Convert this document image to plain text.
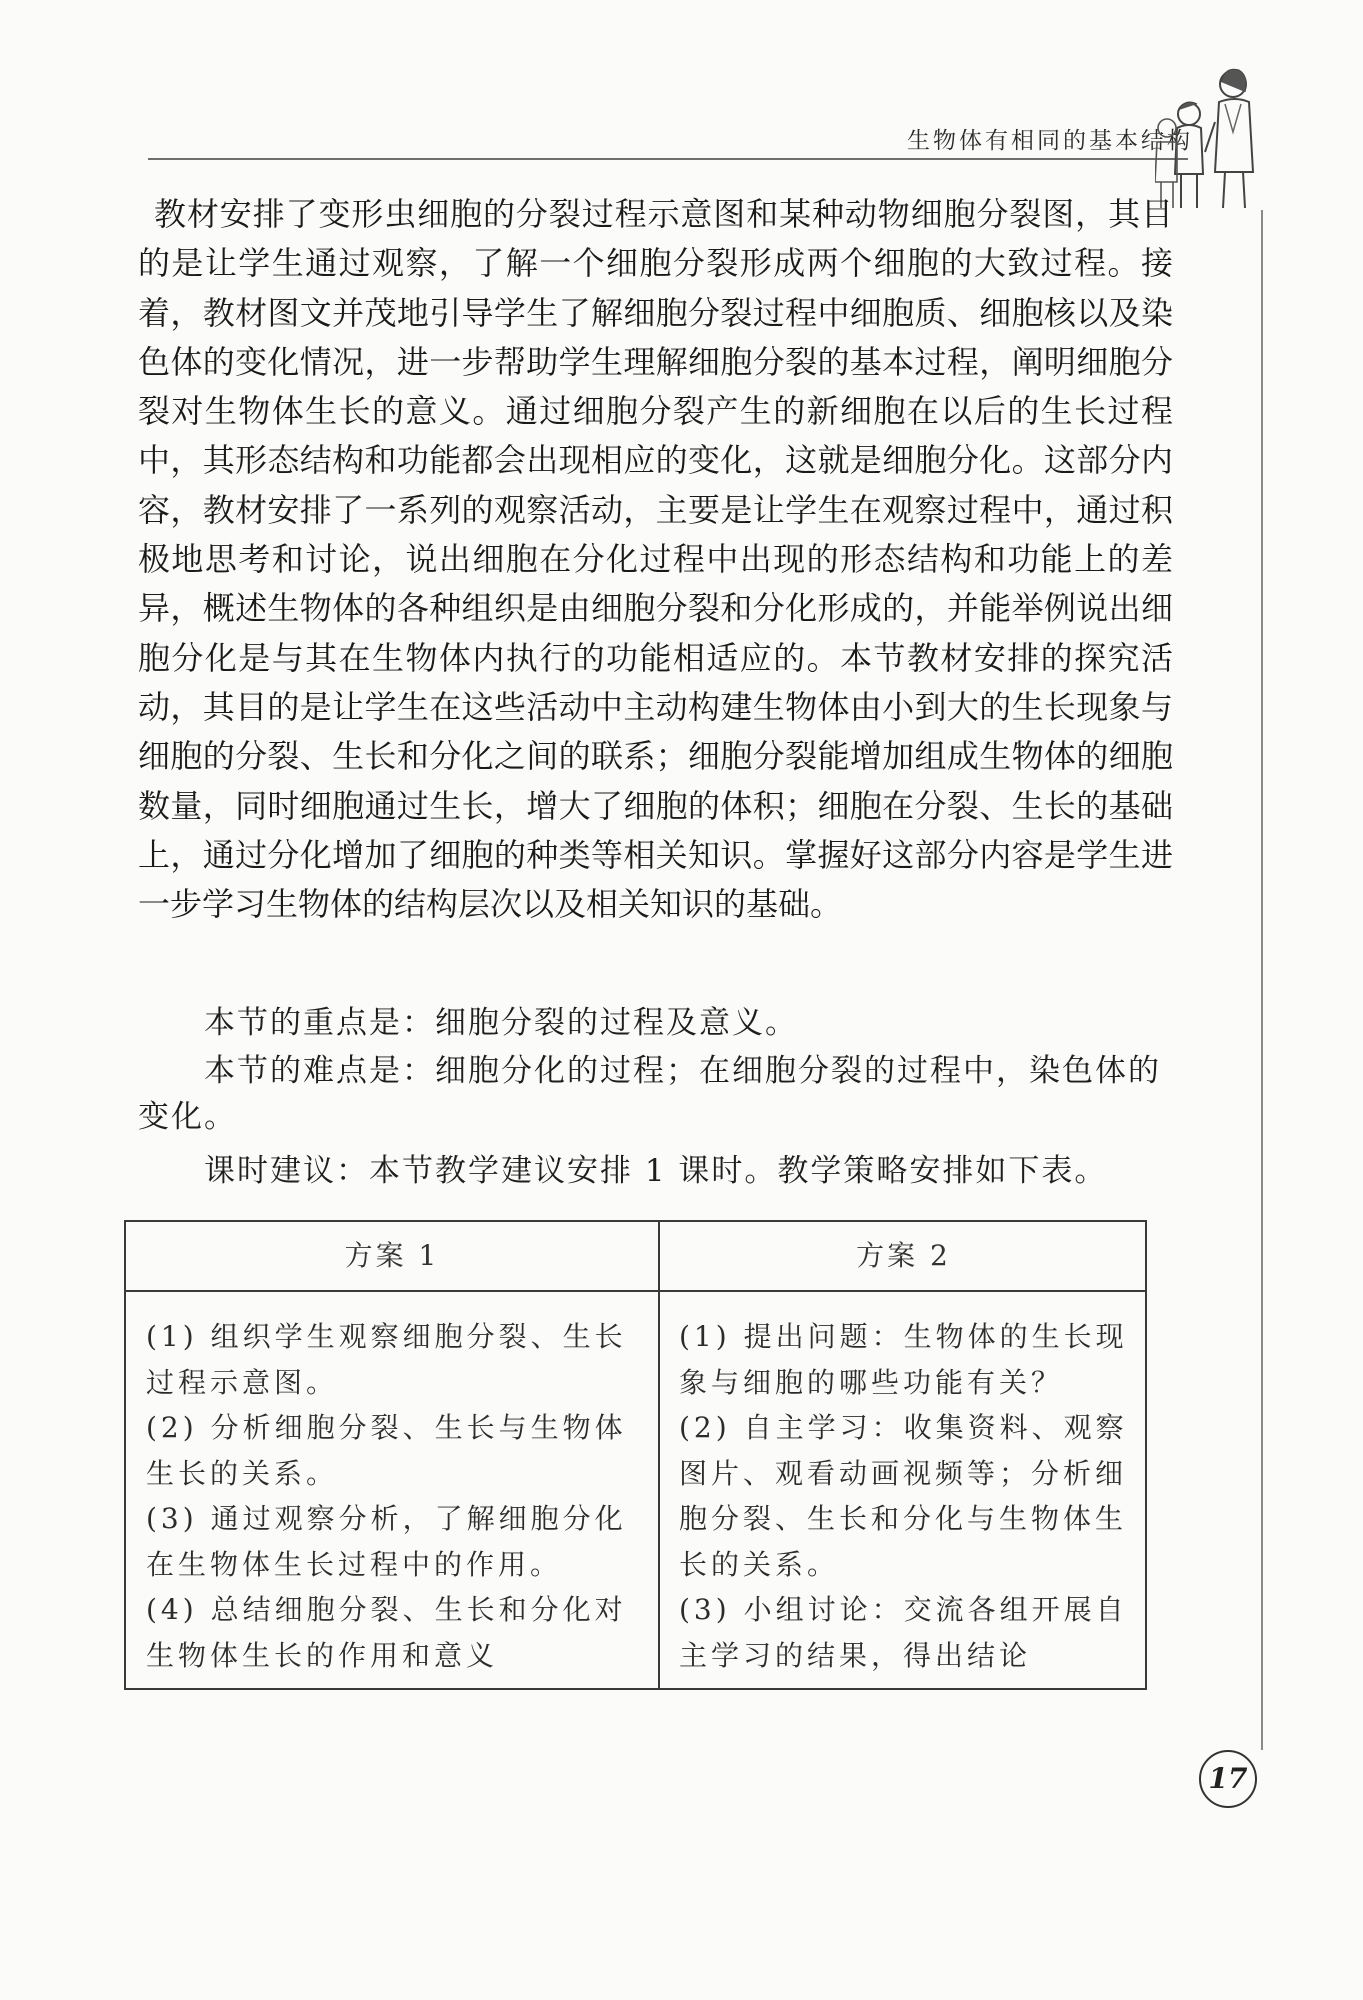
生物体有相同的基本结构
教材安排了变形虫细胞的分裂过程示意图和某种动物细胞分裂图，其目的是让学生通过观察，了解一个细胞分裂形成两个细胞的大致过程。接着，教材图文并茂地引导学生了解细胞分裂过程中细胞质、细胞核以及染色体的变化情况，进一步帮助学生理解细胞分裂的基本过程，阐明细胞分裂对生物体生长的意义。通过细胞分裂产生的新细胞在以后的生长过程中，其形态结构和功能都会出现相应的变化，这就是细胞分化。这部分内容，教材安排了一系列的观察活动，主要是让学生在观察过程中，通过积极地思考和讨论，说出细胞在分化过程中出现的形态结构和功能上的差异，概述生物体的各种组织是由细胞分裂和分化形成的，并能举例说出细胞分化是与其在生物体内执行的功能相适应的。本节教材安排的探究活动，其目的是让学生在这些活动中主动构建生物体由小到大的生长现象与细胞的分裂、生长和分化之间的联系；细胞分裂能增加组成生物体的细胞数量，同时细胞通过生长，增大了细胞的体积；细胞在分裂、生长的基础上，通过分化增加了细胞的种类等相关知识。掌握好这部分内容是学生进一步学习生物体的结构层次以及相关知识的基础。
本节的重点是：细胞分裂的过程及意义。
本节的难点是：细胞分化的过程；在细胞分裂的过程中，染色体的变化。
课时建议：本节教学建议安排 1 课时。教学策略安排如下表。
方案 1	方案 2
(1) 组织学生观察细胞分裂、生长过程示意图。
(2) 分析细胞分裂、生长与生物体生长的关系。
(3) 通过观察分析，了解细胞分化在生物体生长过程中的作用。
(4) 总结细胞分裂、生长和分化对生物体生长的作用和意义
(1) 提出问题：生物体的生长现象与细胞的哪些功能有关？
(2) 自主学习：收集资料、观察图片、观看动画视频等；分析细胞分裂、生长和分化与生物体生长的关系。
(3) 小组讨论：交流各组开展自主学习的结果，得出结论
17
